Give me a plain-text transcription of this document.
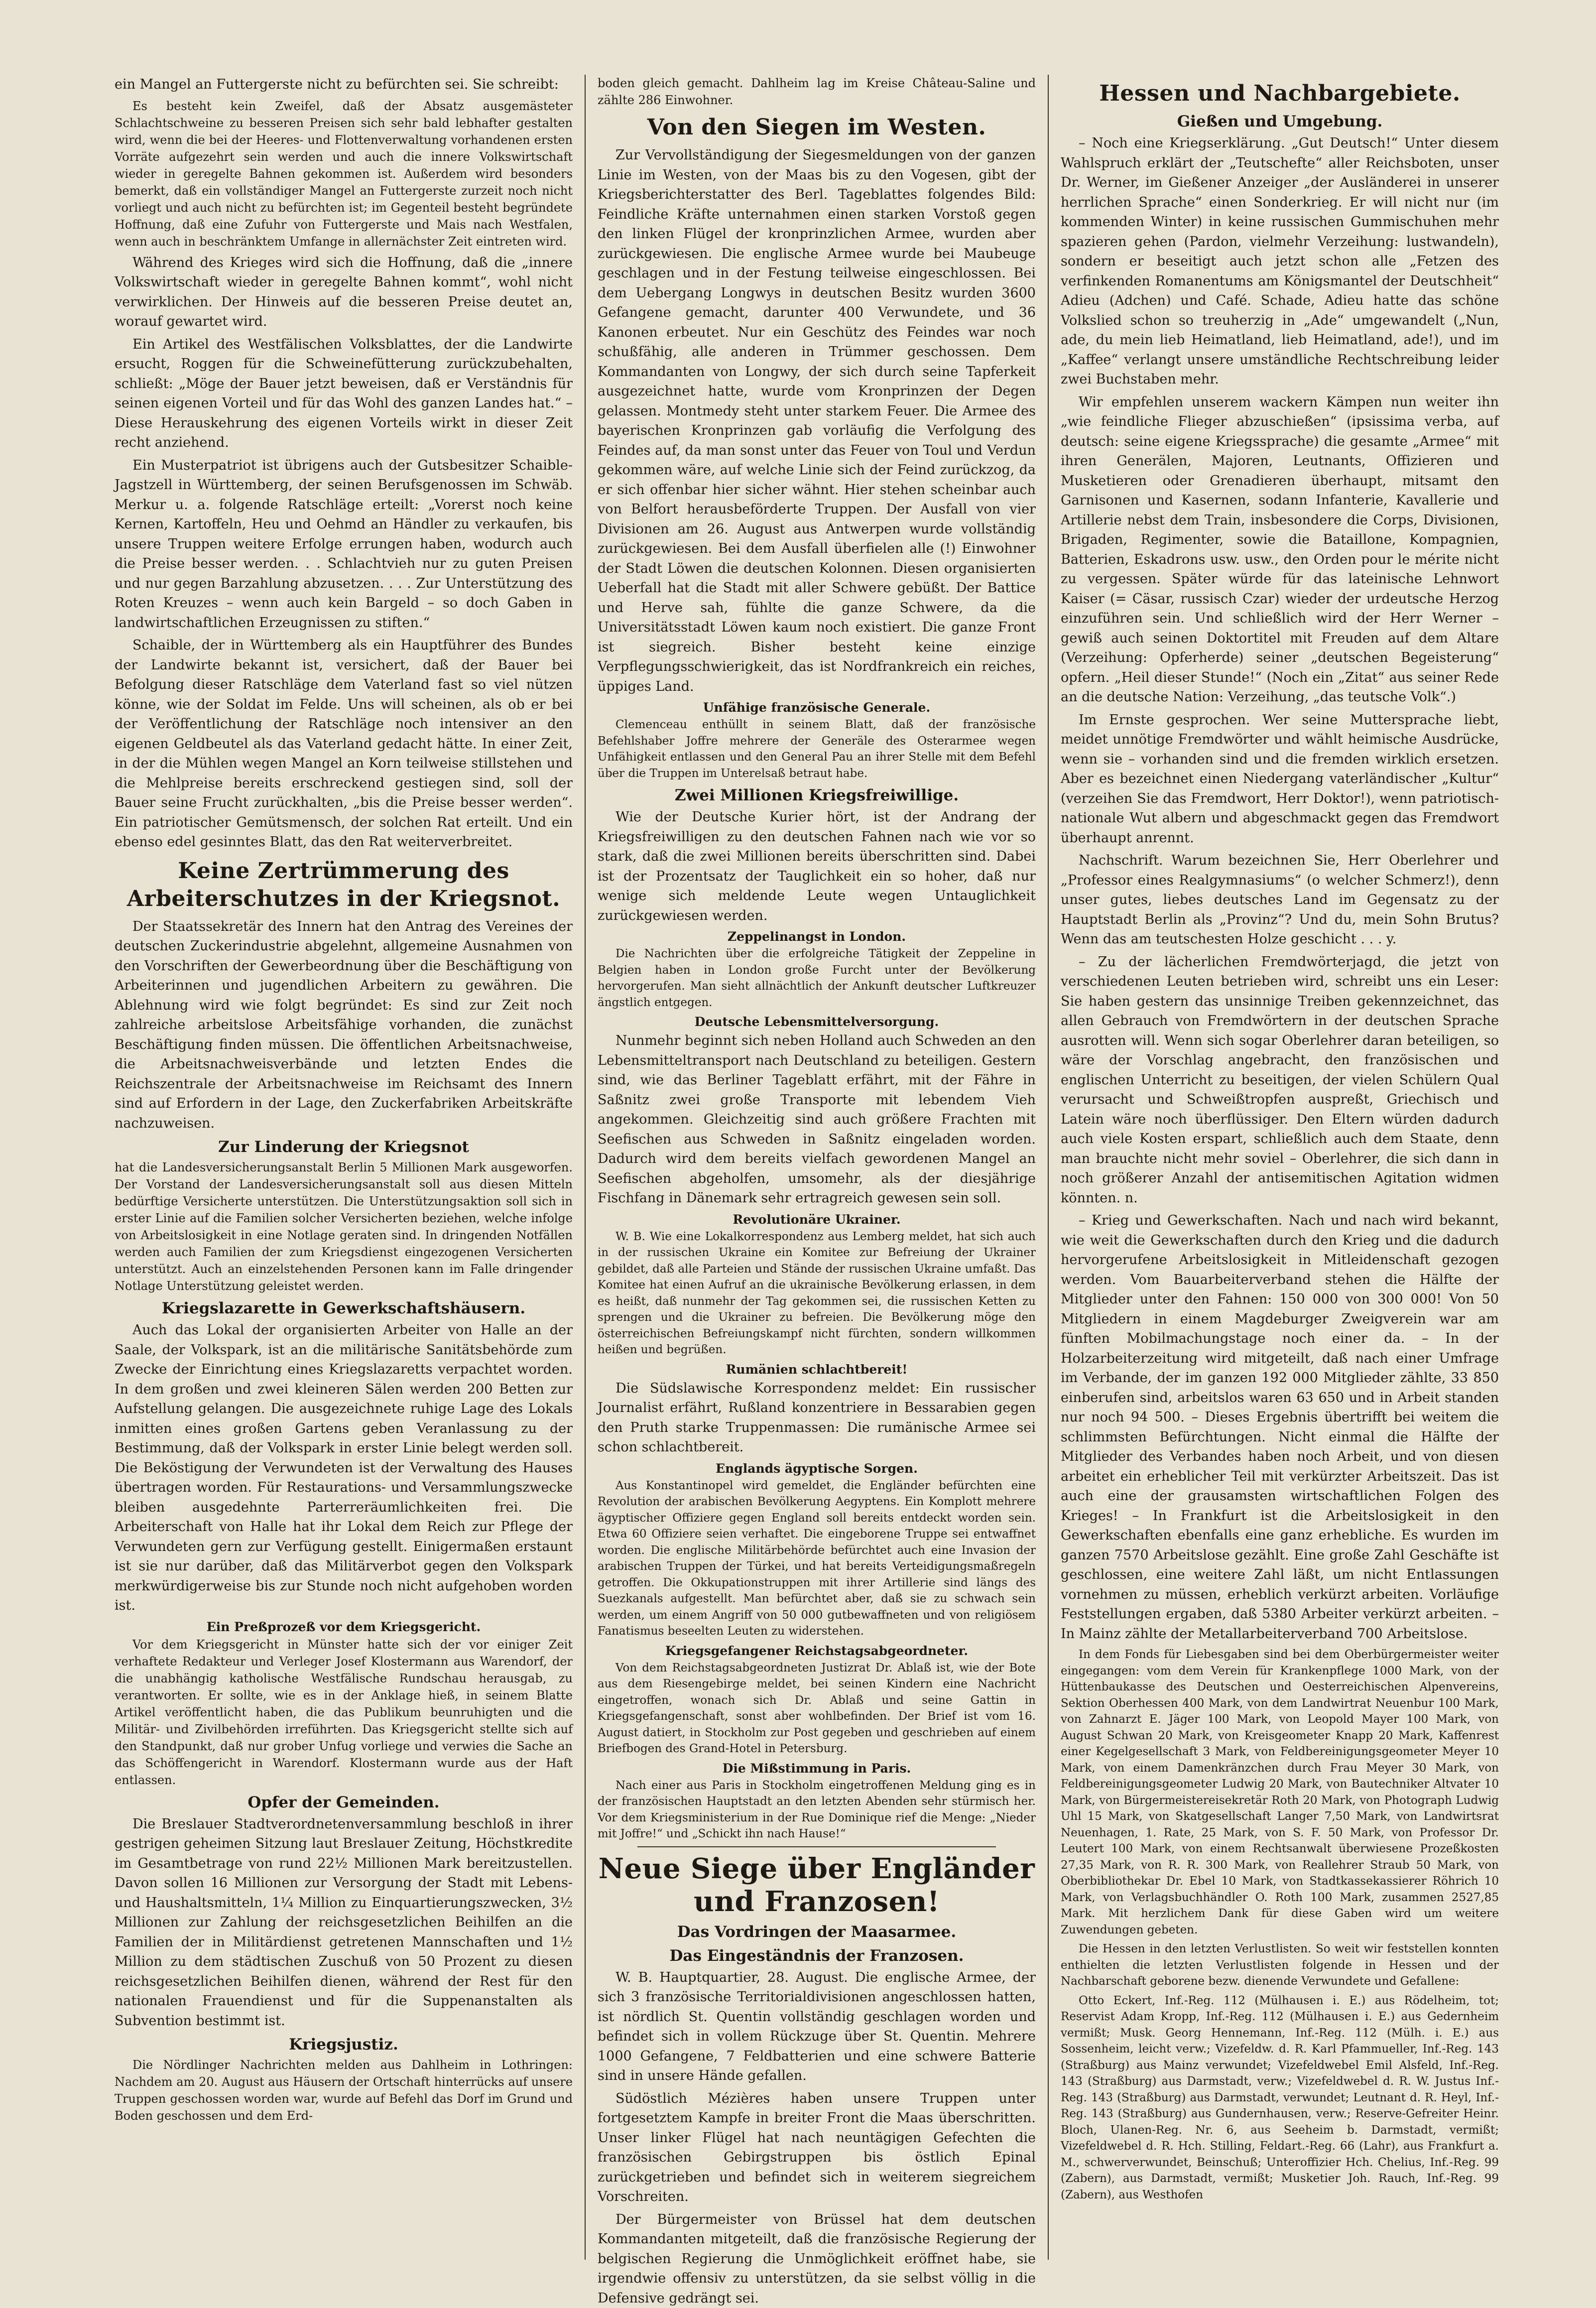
ein Mangel an Futtergerste nicht zu befürchten sei. Sie schreibt:

Es besteht kein Zweifel, daß der Absatz ausgemästeter Schlachtschweine zu besseren Preisen sich sehr bald lebhafter gestalten wird, wenn die bei der Heeres- und Flottenverwaltung vorhandenen ersten Vorräte aufgezehrt sein werden und auch die innere Volkswirtschaft wieder in geregelte Bahnen gekommen ist. Außerdem wird besonders bemerkt, daß ein vollständiger Mangel an Futtergerste zurzeit noch nicht vorliegt und auch nicht zu befürchten ist; im Gegenteil besteht begründete Hoffnung, daß eine Zufuhr von Futtergerste und Mais nach Westfalen, wenn auch in beschränktem Umfange in allernächster Zeit eintreten wird.

Während des Krieges wird sich die Hoffnung, daß die „innere Volkswirtschaft wieder in geregelte Bahnen kommt“, wohl nicht verwirklichen. Der Hinweis auf die besseren Preise deutet an, worauf gewartet wird.

Ein Artikel des Westfälischen Volksblattes, der die Landwirte ersucht, Roggen für die Schweinefütterung zurückzubehalten, schließt: „Möge der Bauer jetzt beweisen, daß er Verständnis für seinen eigenen Vorteil und für das Wohl des ganzen Landes hat.“ – Diese Herauskehrung des eigenen Vorteils wirkt in dieser Zeit recht anziehend.

Ein Musterpatriot ist übrigens auch der Gutsbesitzer Schaible-Jagstzell in Württemberg, der seinen Berufsgenossen im Schwäb. Merkur u. a. folgende Ratschläge erteilt: „Vorerst noch keine Kernen, Kartoffeln, Heu und Oehmd an Händler zu verkaufen, bis unsere Truppen weitere Erfolge errungen haben, wodurch auch die Preise besser werden. . . Schlachtvieh nur zu guten Preisen und nur gegen Barzahlung abzusetzen. . . . Zur Unterstützung des Roten Kreuzes – wenn auch kein Bargeld – so doch Gaben in landwirtschaftlichen Erzeugnissen zu stiften.“

Schaible, der in Württemberg als ein Hauptführer des Bundes der Landwirte bekannt ist, versichert, daß der Bauer bei Befolgung dieser Ratschläge dem Vaterland fast so viel nützen könne, wie der Soldat im Felde. Uns will scheinen, als ob er bei der Veröffentlichung der Ratschläge noch intensiver an den eigenen Geldbeutel als das Vaterland gedacht hätte. In einer Zeit, in der die Mühlen wegen Mangel an Korn teilweise stillstehen und die Mehlpreise bereits erschreckend gestiegen sind, soll der Bauer seine Frucht zurückhalten, „bis die Preise besser werden“. Ein patriotischer Gemütsmensch, der solchen Rat erteilt. Und ein ebenso edel gesinntes Blatt, das den Rat weiterverbreitet.

Keine Zertrümmerung des Arbeiterschutzes in der Kriegsnot.

Der Staatssekretär des Innern hat den Antrag des Vereines der deutschen Zuckerindustrie abgelehnt, allgemeine Ausnahmen von den Vorschriften der Gewerbeordnung über die Beschäftigung von Arbeiterinnen und jugendlichen Arbeitern zu gewähren. Die Ablehnung wird wie folgt begründet: Es sind zur Zeit noch zahlreiche arbeitslose Arbeitsfähige vorhanden, die zunächst Beschäftigung finden müssen. Die öffentlichen Arbeitsnachweise, die Arbeitsnachweisverbände und letzten Endes die Reichszentrale der Arbeitsnachweise im Reichsamt des Innern sind auf Erfordern in der Lage, den Zuckerfabriken Arbeitskräfte nachzuweisen.

Zur Linderung der Kriegsnot

hat die Landesversicherungsanstalt Berlin 5 Millionen Mark ausgeworfen. Der Vorstand der Landesversicherungsanstalt soll aus diesen Mitteln bedürftige Versicherte unterstützen. Die Unterstützungsaktion soll sich in erster Linie auf die Familien solcher Versicherten beziehen, welche infolge von Arbeitslosigkeit in eine Notlage geraten sind. In dringenden Notfällen werden auch Familien der zum Kriegsdienst eingezogenen Versicherten unterstützt. Auch an einzelstehenden Personen kann im Falle dringender Notlage Unterstützung geleistet werden.

Kriegslazarette in Gewerkschaftshäusern.

Auch das Lokal der organisierten Arbeiter von Halle an der Saale, der Volkspark, ist an die militärische Sanitätsbehörde zum Zwecke der Einrichtung eines Kriegslazaretts verpachtet worden. In dem großen und zwei kleineren Sälen werden 200 Betten zur Aufstellung gelangen. Die ausgezeichnete ruhige Lage des Lokals inmitten eines großen Gartens geben Veranlassung zu der Bestimmung, daß der Volkspark in erster Linie belegt werden soll. Die Beköstigung der Verwundeten ist der Verwaltung des Hauses übertragen worden. Für Restaurations- und Versammlungszwecke bleiben ausgedehnte Parterreräumlichkeiten frei. Die Arbeiterschaft von Halle hat ihr Lokal dem Reich zur Pflege der Verwundeten gern zur Verfügung gestellt. Einigermaßen erstaunt ist sie nur darüber, daß das Militärverbot gegen den Volkspark merkwürdigerweise bis zur Stunde noch nicht aufgehoben worden ist.

Ein Preßprozeß vor dem Kriegsgericht.

Vor dem Kriegsgericht in Münster hatte sich der vor einiger Zeit verhaftete Redakteur und Verleger Josef Klostermann aus Warendorf, der die unabhängig katholische Westfälische Rundschau herausgab, zu verantworten. Er sollte, wie es in der Anklage hieß, in seinem Blatte Artikel veröffentlicht haben, die das Publikum beunruhigten und die Militär- und Zivilbehörden irreführten. Das Kriegsgericht stellte sich auf den Standpunkt, daß nur grober Unfug vorliege und verwies die Sache an das Schöffengericht in Warendorf. Klostermann wurde aus der Haft entlassen.

Opfer der Gemeinden.

Die Breslauer Stadtverordnetenversammlung beschloß in ihrer gestrigen geheimen Sitzung laut Breslauer Zeitung, Höchstkredite im Gesamtbetrage von rund 22½ Millionen Mark bereitzustellen. Davon sollen 16 Millionen zur Versorgung der Stadt mit Lebens- und Haushaltsmitteln, 1¼ Million zu Einquartierungszwecken, 3½ Millionen zur Zahlung der reichsgesetzlichen Beihilfen an die Familien der in Militärdienst getretenen Mannschaften und 1½ Million zu dem städtischen Zuschuß von 50 Prozent zu diesen reichsgesetzlichen Beihilfen dienen, während der Rest für den nationalen Frauendienst und für die Suppenanstalten als Subvention bestimmt ist.

Kriegsjustiz.

Die Nördlinger Nachrichten melden aus Dahlheim in Lothringen: Nachdem am 20. August aus Häusern der Ortschaft hinterrücks auf unsere Truppen geschossen worden war, wurde auf Befehl das Dorf im Grund und Boden geschossen und dem Erd-

boden gleich gemacht. Dahlheim lag im Kreise Château-Saline und zählte 286 Einwohner.

Von den Siegen im Westen.

Zur Vervollständigung der Siegesmeldungen von der ganzen Linie im Westen, von der Maas bis zu den Vogesen, gibt der Kriegsberichterstatter des Berl. Tageblattes folgendes Bild: Feindliche Kräfte unternahmen einen starken Vorstoß gegen den linken Flügel der kronprinzlichen Armee, wurden aber zurückgewiesen. Die englische Armee wurde bei Maubeuge geschlagen und in der Festung teilweise eingeschlossen. Bei dem Uebergang Longwys in deutschen Besitz wurden 3600 Gefangene gemacht, darunter 400 Verwundete, und 36 Kanonen erbeutet. Nur ein Geschütz des Feindes war noch schußfähig, alle anderen in Trümmer geschossen. Dem Kommandanten von Longwy, der sich durch seine Tapferkeit ausgezeichnet hatte, wurde vom Kronprinzen der Degen gelassen. Montmedy steht unter starkem Feuer. Die Armee des bayerischen Kronprinzen gab vorläufig die Verfolgung des Feindes auf, da man sonst unter das Feuer von Toul und Verdun gekommen wäre, auf welche Linie sich der Feind zurückzog, da er sich offenbar hier sicher wähnt. Hier stehen scheinbar auch von Belfort herausbeförderte Truppen. Der Ausfall von vier Divisionen am 26. August aus Antwerpen wurde vollständig zurückgewiesen. Bei dem Ausfall überfielen alle (!) Einwohner der Stadt Löwen die deutschen Kolonnen. Diesen organisierten Ueberfall hat die Stadt mit aller Schwere gebüßt. Der Battice und Herve sah, fühlte die ganze Schwere, da die Universitätsstadt Löwen kaum noch existiert. Die ganze Front ist siegreich. Bisher besteht keine einzige Verpflegungsschwierigkeit, das ist Nordfrankreich ein reiches, üppiges Land.

Unfähige französische Generale.

Clemenceau enthüllt in seinem Blatt, daß der französische Befehlshaber Joffre mehrere der Generäle des Osterarmee wegen Unfähigkeit entlassen und den General Pau an ihrer Stelle mit dem Befehl über die Truppen im Unterelsaß betraut habe.

Zwei Millionen Kriegsfreiwillige.

Wie der Deutsche Kurier hört, ist der Andrang der Kriegsfreiwilligen zu den deutschen Fahnen nach wie vor so stark, daß die zwei Millionen bereits überschritten sind. Dabei ist der Prozentsatz der Tauglichkeit ein so hoher, daß nur wenige sich meldende Leute wegen Untauglichkeit zurückgewiesen werden.

Zeppelinangst in London.

Die Nachrichten über die erfolgreiche Tätigkeit der Zeppeline in Belgien haben in London große Furcht unter der Bevölkerung hervorgerufen. Man sieht allnächtlich der Ankunft deutscher Luftkreuzer ängstlich entgegen.

Deutsche Lebensmittelversorgung.

Nunmehr beginnt sich neben Holland auch Schweden an den Lebensmitteltransport nach Deutschland zu beteiligen. Gestern sind, wie das Berliner Tageblatt erfährt, mit der Fähre in Saßnitz zwei große Transporte mit lebendem Vieh angekommen. Gleichzeitig sind auch größere Frachten mit Seefischen aus Schweden in Saßnitz eingeladen worden. Dadurch wird dem bereits vielfach gewordenen Mangel an Seefischen abgeholfen, umsomehr, als der diesjährige Fischfang in Dänemark sehr ertragreich gewesen sein soll.

Revolutionäre Ukrainer.

W. B. Wie eine Lokalkorrespondenz aus Lemberg meldet, hat sich auch in der russischen Ukraine ein Komitee zur Befreiung der Ukrainer gebildet, daß alle Parteien und Stände der russischen Ukraine umfaßt. Das Komitee hat einen Aufruf an die ukrainische Bevölkerung erlassen, in dem es heißt, daß nunmehr der Tag gekommen sei, die russischen Ketten zu sprengen und die Ukrainer zu befreien. Die Bevölkerung möge den österreichischen Befreiungskampf nicht fürchten, sondern willkommen heißen und begrüßen.

Rumänien schlachtbereit!

Die Südslawische Korrespondenz meldet: Ein russischer Journalist erfährt, Rußland konzentriere in Bessarabien gegen den Pruth starke Truppenmassen: Die rumänische Armee sei schon schlachtbereit.

Englands ägyptische Sorgen.

Aus Konstantinopel wird gemeldet, die Engländer befürchten eine Revolution der arabischen Bevölkerung Aegyptens. Ein Komplott mehrere ägyptischer Offiziere gegen England soll bereits entdeckt worden sein. Etwa 60 Offiziere seien verhaftet. Die eingeborene Truppe sei entwaffnet worden. Die englische Militärbehörde befürchtet auch eine Invasion der arabischen Truppen der Türkei, und hat bereits Verteidigungsmaßregeln getroffen. Die Okkupationstruppen mit ihrer Artillerie sind längs des Suezkanals aufgestellt. Man befürchtet aber, daß sie zu schwach sein werden, um einem Angriff von 50 000 gutbewaffneten und von religiösem Fanatismus beseelten Leuten zu widerstehen.

Kriegsgefangener Reichstagsabgeordneter.

Von dem Reichstagsabgeordneten Justizrat Dr. Ablaß ist, wie der Bote aus dem Riesengebirge meldet, bei seinen Kindern eine Nachricht eingetroffen, wonach sich Dr. Ablaß und seine Gattin in Kriegsgefangenschaft, sonst aber wohlbefinden. Der Brief ist vom 16. August datiert, in Stockholm zur Post gegeben und geschrieben auf einem Briefbogen des Grand-Hotel in Petersburg.

Die Mißstimmung in Paris.

Nach einer aus Paris in Stockholm eingetroffenen Meldung ging es in der französischen Hauptstadt an den letzten Abenden sehr stürmisch her. Vor dem Kriegsministerium in der Rue Dominique rief die Menge: „Nieder mit Joffre!“ und „Schickt ihn nach Hause!“

Neue Siege über Engländer und Franzosen!
Das Vordringen der Maasarmee.
Das Eingeständnis der Franzosen.

W. B. Hauptquartier, 28. August. Die englische Armee, der sich 3 französische Territorialdivisionen angeschlossen hatten, ist nördlich St. Quentin vollständig geschlagen worden und befindet sich in vollem Rückzuge über St. Quentin. Mehrere 1000 Gefangene, 7 Feldbatterien und eine schwere Batterie sind in unsere Hände gefallen.

Südöstlich Mézières haben unsere Truppen unter fortgesetztem Kampfe in breiter Front die Maas überschritten. Unser linker Flügel hat nach neuntägigen Gefechten die französischen Gebirgstruppen bis östlich Epinal zurückgetrieben und befindet sich in weiterem siegreichem Vorschreiten.

Der Bürgermeister von Brüssel hat dem deutschen Kommandanten mitgeteilt, daß die französische Regierung der belgischen Regierung die Unmöglichkeit eröffnet habe, sie irgendwie offensiv zu unterstützen, da sie selbst völlig in die Defensive gedrängt sei.

Hessen und Nachbargebiete.
Gießen und Umgebung.

– Noch eine Kriegserklärung. „Gut Deutsch!“ Unter diesem Wahlspruch erklärt der „Teutschefte“ aller Reichsboten, unser Dr. Werner, im Gießener Anzeiger „der Ausländerei in unserer herrlichen Sprache“ einen Sonderkrieg. Er will nicht nur (im kommenden Winter) in keine russischen Gummischuhen mehr spazieren gehen (Pardon, vielmehr Verzeihung: lustwandeln), sondern er beseitigt auch jetzt schon alle „Fetzen des verfinkenden Romanentums am Königsmantel der Deutschheit“ Adieu (Adchen) und Café. Schade, Adieu hatte das schöne Volkslied schon so treuherzig in „Ade“ umgewandelt („Nun, ade, du mein lieb Heimatland, lieb Heimatland, ade!), und im „Kaffee“ verlangt unsere umständliche Rechtschreibung leider zwei Buchstaben mehr.

Wir empfehlen unserem wackern Kämpen nun weiter ihn „wie feindliche Flieger abzuschießen“ (ipsissima verba, auf deutsch: seine eigene Kriegssprache) die gesamte „Armee“ mit ihren Generälen, Majoren, Leutnants, Offizieren und Musketieren oder Grenadieren überhaupt, mitsamt den Garnisonen und Kasernen, sodann Infanterie, Kavallerie und Artillerie nebst dem Train, insbesondere die Corps, Divisionen, Brigaden, Regimenter, sowie die Bataillone, Kompagnien, Batterien, Eskadrons usw. usw., den Orden pour le mérite nicht zu vergessen. Später würde für das lateinische Lehnwort Kaiser (= Cäsar, russisch Czar) wieder der urdeutsche Herzog einzuführen sein. Und schließlich wird der Herr Werner – gewiß auch seinen Doktortitel mit Freuden auf dem Altare (Verzeihung: Opferherde) seiner „deutschen Begeisterung“ opfern. „Heil dieser Stunde!“ (Noch ein „Zitat“ aus seiner Rede an die deutsche Nation: Verzeihung, „das teutsche Volk“.)

Im Ernste gesprochen. Wer seine Muttersprache liebt, meidet unnötige Fremdwörter und wählt heimische Ausdrücke, wenn sie – vorhanden sind und die fremden wirklich ersetzen. Aber es bezeichnet einen Niedergang vaterländischer „Kultur“ (verzeihen Sie das Fremdwort, Herr Doktor!), wenn patriotisch-nationale Wut albern und abgeschmackt gegen das Fremdwort überhaupt anrennt.

Nachschrift. Warum bezeichnen Sie, Herr Oberlehrer und „Professor eines Realgymnasiums“ (o welcher Schmerz!), denn unser gutes, liebes deutsches Land im Gegensatz zu der Hauptstadt Berlin als „Provinz“? Und du, mein Sohn Brutus? Wenn das am teutschesten Holze geschicht . . . y.

– Zu der lächerlichen Fremdwörterjagd, die jetzt von verschiedenen Leuten betrieben wird, schreibt uns ein Leser: Sie haben gestern das unsinnige Treiben gekennzeichnet, das allen Gebrauch von Fremdwörtern in der deutschen Sprache ausrotten will. Wenn sich sogar Oberlehrer daran beteiligen, so wäre der Vorschlag angebracht, den französischen und englischen Unterricht zu beseitigen, der vielen Schülern Qual verursacht und Schweißtropfen auspreßt, Griechisch und Latein wäre noch überflüssiger. Den Eltern würden dadurch auch viele Kosten erspart, schließlich auch dem Staate, denn man brauchte nicht mehr soviel – Oberlehrer, die sich dann in noch größerer Anzahl der antisemitischen Agitation widmen könnten. n.

– Krieg und Gewerkschaften. Nach und nach wird bekannt, wie weit die Gewerkschaften durch den Krieg und die dadurch hervorgerufene Arbeitslosigkeit in Mitleidenschaft gezogen werden. Vom Bauarbeiterverband stehen die Hälfte der Mitglieder unter den Fahnen: 150 000 von 300 000! Von 50 Mitgliedern in einem Magdeburger Zweigverein war am fünften Mobilmachungstage noch einer da. – In der Holzarbeiterzeitung wird mitgeteilt, daß nach einer Umfrage im Verbande, der im ganzen 192 000 Mitglieder zählte, 33 850 einberufen sind, arbeitslos waren 63 650 und in Arbeit standen nur noch 94 500. – Dieses Ergebnis übertrifft bei weitem die schlimmsten Befürchtungen. Nicht einmal die Hälfte der Mitglieder des Verbandes haben noch Arbeit, und von diesen arbeitet ein erheblicher Teil mit verkürzter Arbeitszeit. Das ist auch eine der grausamsten wirtschaftlichen Folgen des Krieges! – In Frankfurt ist die Arbeitslosigkeit in den Gewerkschaften ebenfalls eine ganz erhebliche. Es wurden im ganzen 7570 Arbeitslose gezählt. Eine große Zahl Geschäfte ist geschlossen, eine weitere Zahl läßt, um nicht Entlassungen vornehmen zu müssen, erheblich verkürzt arbeiten. Vorläufige Feststellungen ergaben, daß 5380 Arbeiter verkürzt arbeiten. – In Mainz zählte der Metallarbeiterverband 700 Arbeitslose.

In dem Fonds für Liebesgaben sind bei dem Oberbürgermeister weiter eingegangen: vom dem Verein für Krankenpflege 1000 Mark, von der Hüttenbaukasse des Deutschen und Oesterreichischen Alpenvereins, Sektion Oberhessen 400 Mark, von dem Landwirtrat Neuenbur 100 Mark, von Zahnarzt E. Jäger 100 Mark, von Leopold Mayer 100 Mark, von August Schwan 20 Mark, von Kreisgeometer Knapp 20 Mark, Kaffenrest einer Kegelgesellschaft 3 Mark, von Feldbereinigungsgeometer Meyer 10 Mark, von einem Damenkränzchen durch Frau Meyer 30 Mark, von Feldbereinigungsgeometer Ludwig 20 Mark, von Bautechniker Altvater 10 Mark, von Bürgermeistereisekretär Roth 20 Mark, von Photograph Ludwig Uhl 15 Mark, von Skatgesellschaft Langer 7,50 Mark, von Landwirtsrat Neuenhagen, 1. Rate, 25 Mark, von S. F. 50 Mark, von Professor Dr. Leutert 100 Mark, von einem Rechtsanwalt überwiesene Prozeßkosten 27,35 Mark, von R. R. 300 Mark, von Reallehrer Straub 50 Mark, von Oberbibliothekar Dr. Ebel 10 Mark, von Stadtkassekassierer Röhrich 10 Mark, von Verlagsbuchhändler O. Roth 100 Mark, zusammen 2527,85 Mark. Mit herzlichem Dank für diese Gaben wird um weitere Zuwendungen gebeten.

Die Hessen in den letzten Verlustlisten. So weit wir feststellen konnten enthielten die letzten Verlustlisten folgende in Hessen und der Nachbarschaft geborene bezw. dienende Verwundete und Gefallene:

Otto Eckert, Inf.-Reg. 112 (Mülhausen i. E.) aus Rödelheim, tot; Reservist Adam Kropp, Inf.-Reg. 112 (Mülhausen i. E.) aus Gedernheim vermißt; Musk. Georg Hennemann, Inf.-Reg. 112 (Mülh. i. E.) aus Sossenheim, leicht verw.; Vizefeldw. d. R. Karl Pfammueller, Inf.-Reg. 143 (Straßburg) aus Mainz verwundet; Vizefeldwebel Emil Alsfeld, Inf.-Reg. 143 (Straßburg) aus Darmstadt, verw.; Vizefeldwebel d. R. W. Justus Inf.-Reg. 143 (Straßburg) aus Darmstadt, verwundet; Leutnant d. R. Heyl, Inf.-Reg. 143 (Straßburg) aus Gundernhausen, verw.; Reserve-Gefreiter Heinr. Bloch, Ulanen-Reg. Nr. 6, aus Seeheim b. Darmstadt, vermißt; Vizefeldwebel d. R. Hch. Stilling, Feldart.-Reg. 66 (Lahr), aus Frankfurt a. M., schwerverwundet, Beinschuß; Unteroffizier Hch. Chelius, Inf.-Reg. 99 (Zabern), aus Darmstadt, vermißt; Musketier Joh. Rauch, Inf.-Reg. 99 (Zabern), aus Westhofen
